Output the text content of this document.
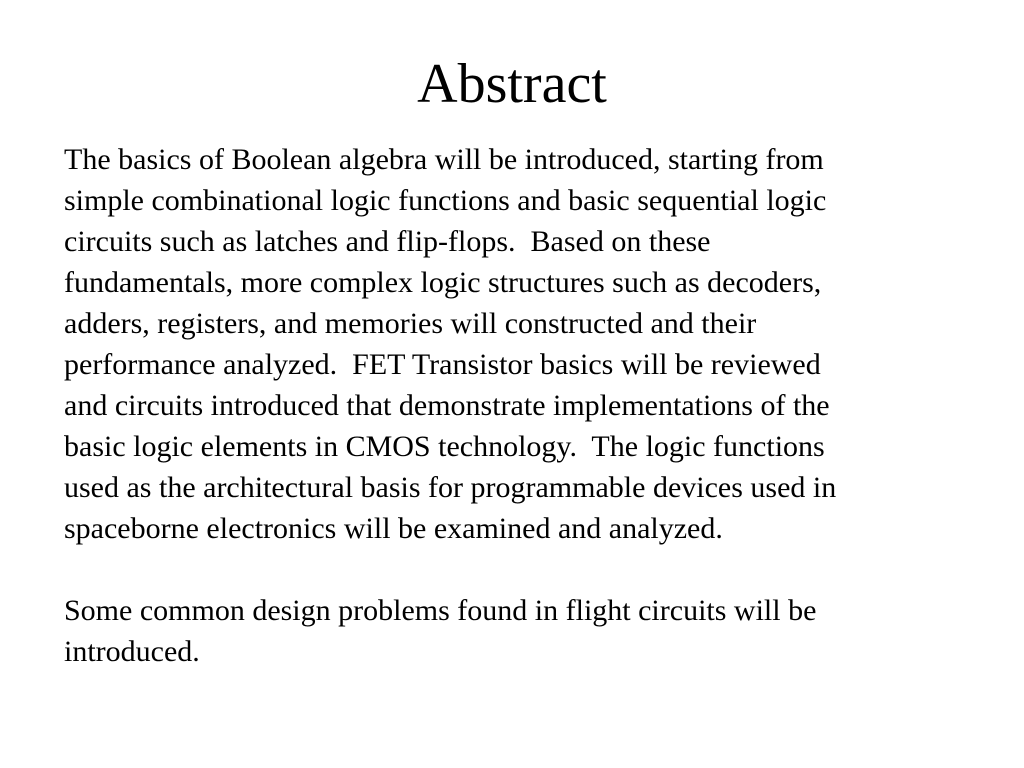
Abstract
The basics of Boolean algebra will be introduced, starting from
simple combinational logic functions and basic sequential logic
circuits such as latches and flip-flops.  Based on these
fundamentals, more complex logic structures such as decoders,
adders, registers, and memories will constructed and their
performance analyzed.  FET Transistor basics will be reviewed
and circuits introduced that demonstrate implementations of the
basic logic elements in CMOS technology.  The logic functions
used as the architectural basis for programmable devices used in
spaceborne electronics will be examined and analyzed.
Some common design problems found in flight circuits will be
introduced.
